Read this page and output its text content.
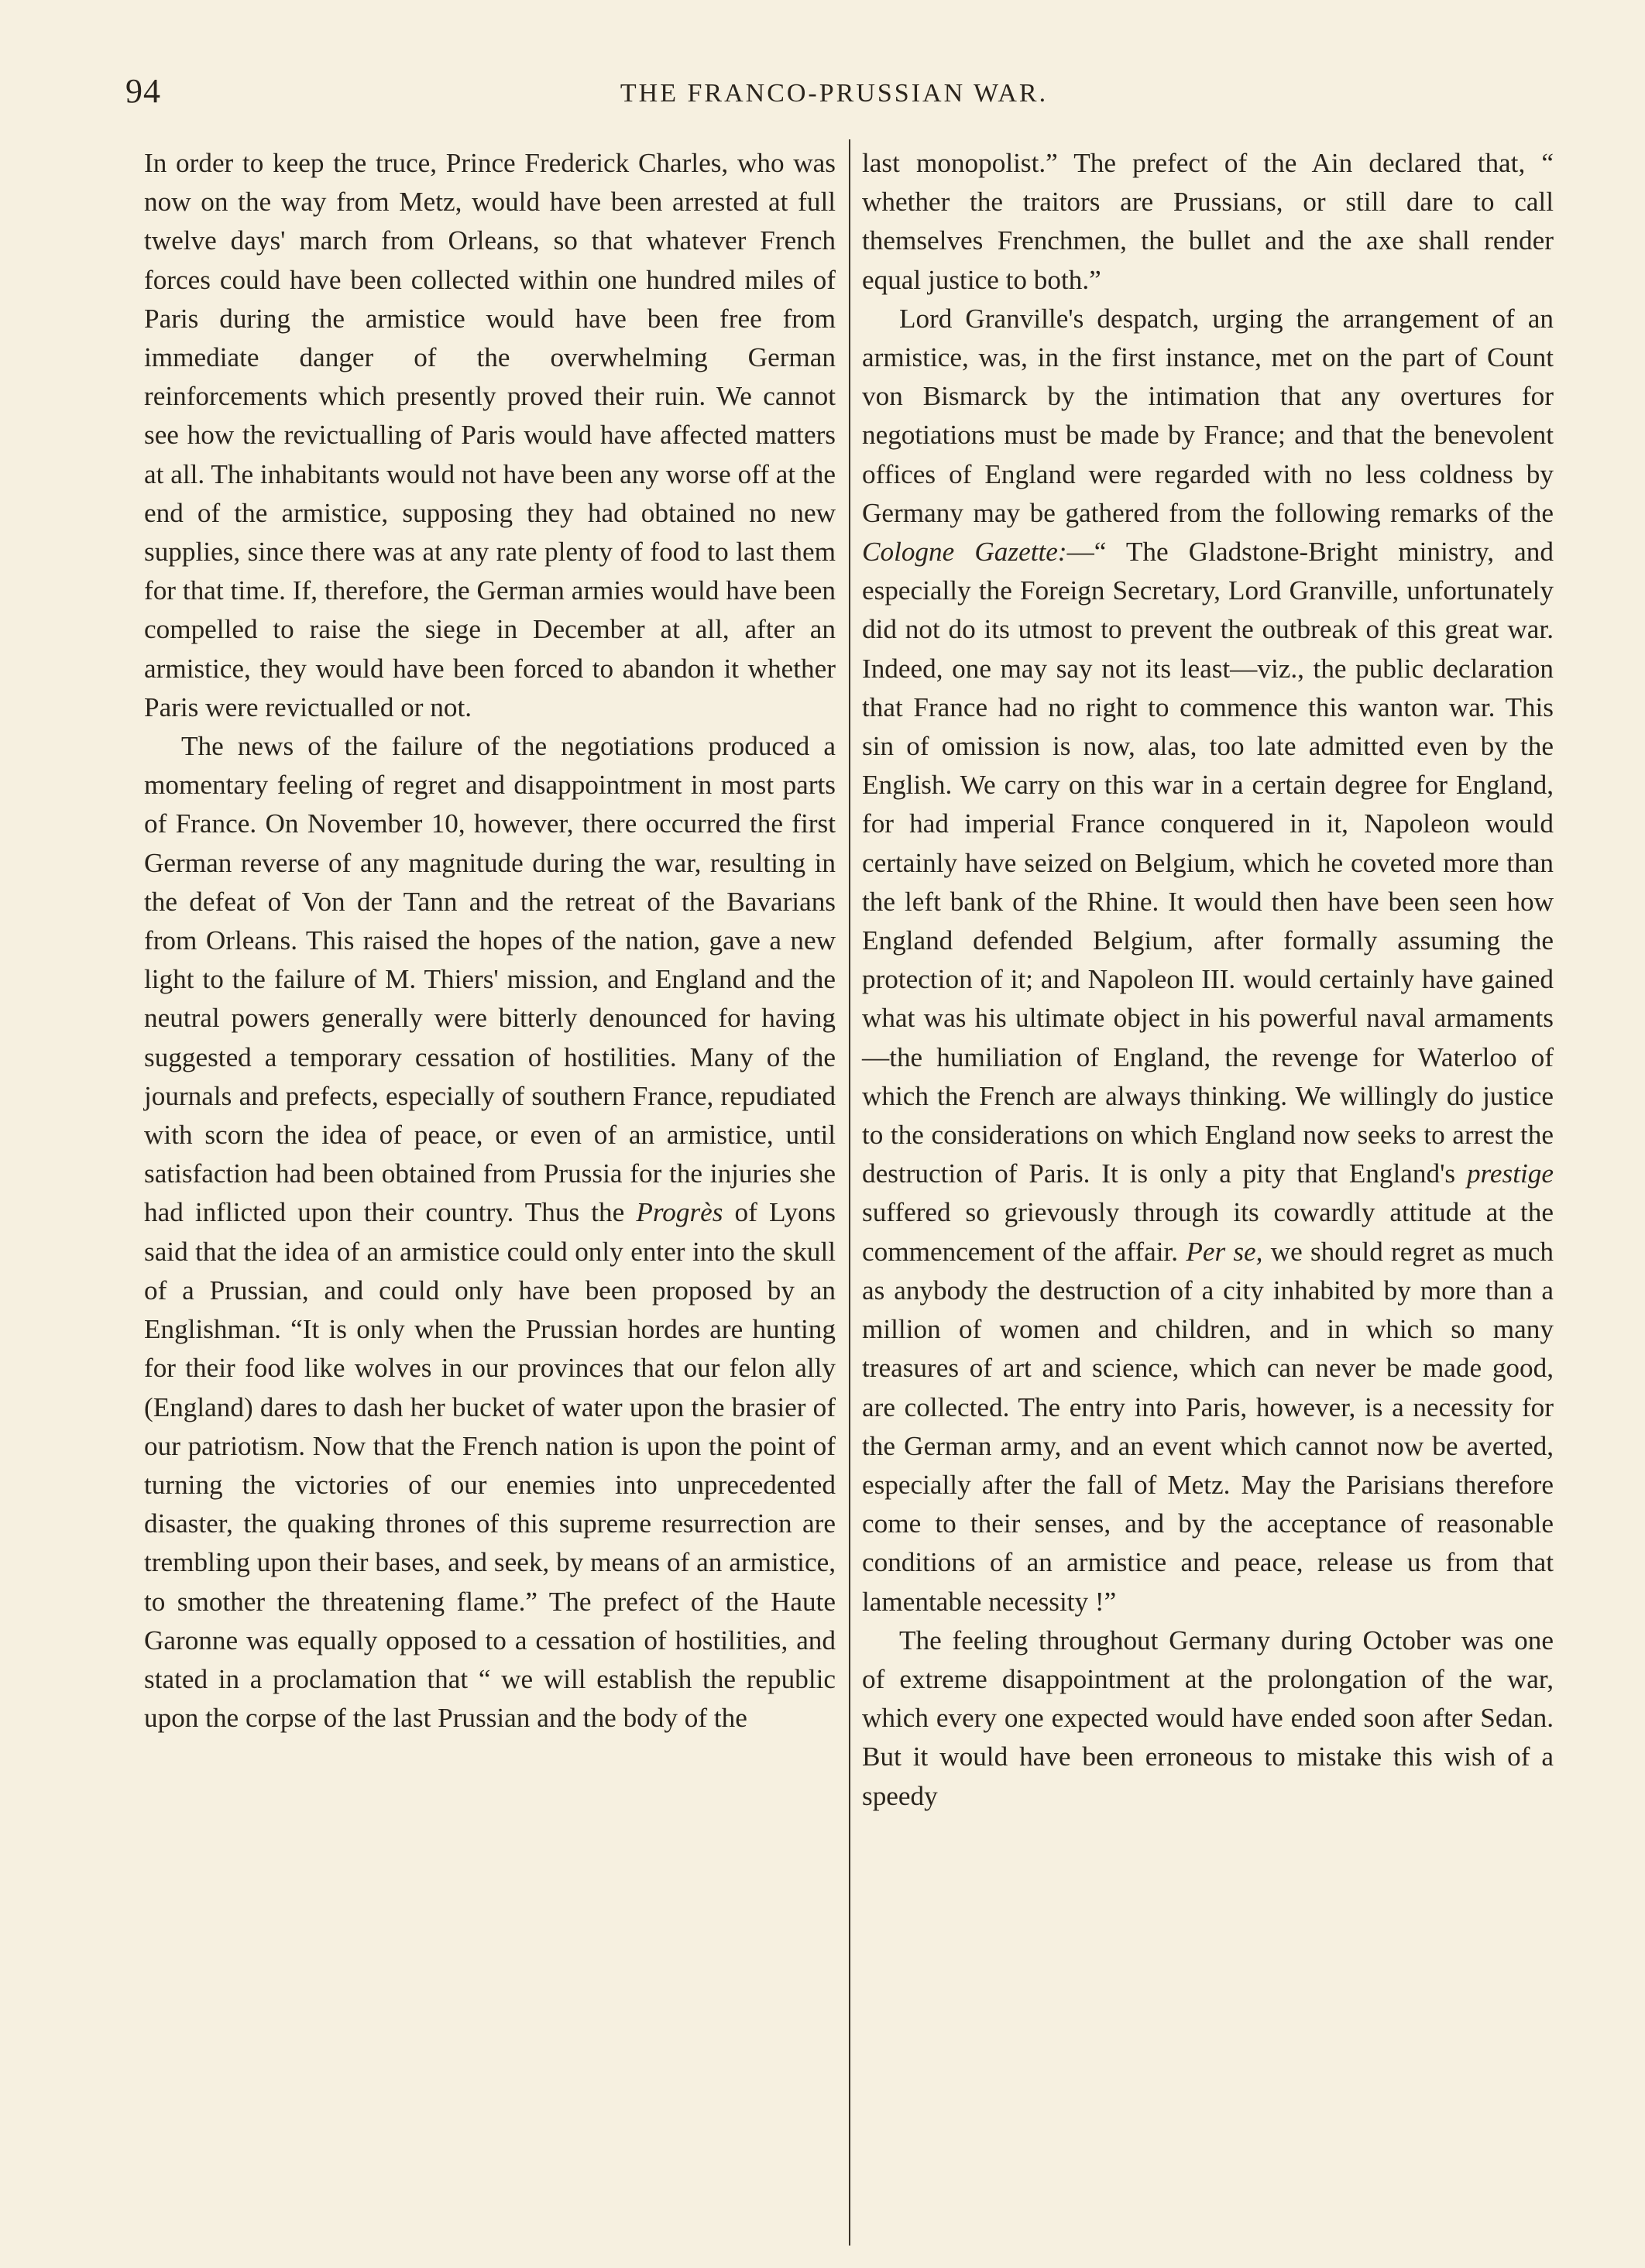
94	THE FRANCO-PRUSSIAN WAR.

In order to keep the truce, Prince Frederick Charles, who was now on the way from Metz, would have been arrested at full twelve days' march from Orleans, so that whatever French forces could have been collected within one hundred miles of Paris during the armistice would have been free from immediate danger of the overwhelming German reinforcements which presently proved their ruin. We cannot see how the revictualling of Paris would have affected matters at all. The inhabitants would not have been any worse off at the end of the armistice, supposing they had obtained no new supplies, since there was at any rate plenty of food to last them for that time. If, therefore, the German armies would have been compelled to raise the siege in December at all, after an armistice, they would have been forced to abandon it whether Paris were revictualled or not.

The news of the failure of the negotiations produced a momentary feeling of regret and disappointment in most parts of France. On November 10, however, there occurred the first German reverse of any magnitude during the war, resulting in the defeat of Von der Tann and the retreat of the Bavarians from Orleans. This raised the hopes of the nation, gave a new light to the failure of M. Thiers' mission, and England and the neutral powers generally were bitterly denounced for having suggested a temporary cessation of hostilities. Many of the journals and prefects, especially of southern France, repudiated with scorn the idea of peace, or even of an armistice, until satisfaction had been obtained from Prussia for the injuries she had inflicted upon their country. Thus the Progrès of Lyons said that the idea of an armistice could only enter into the skull of a Prussian, and could only have been proposed by an Englishman. “It is only when the Prussian hordes are hunting for their food like wolves in our provinces that our felon ally (England) dares to dash her bucket of water upon the brasier of our patriotism. Now that the French nation is upon the point of turning the victories of our enemies into unprecedented disaster, the quaking thrones of this supreme resurrection are trembling upon their bases, and seek, by means of an armistice, to smother the threatening flame.” The prefect of the Haute Garonne was equally opposed to a cessation of hostilities, and stated in a proclamation that “ we will establish the republic upon the corpse of the last Prussian and the body of the

last monopolist.” The prefect of the Ain declared that, “ whether the traitors are Prussians, or still dare to call themselves Frenchmen, the bullet and the axe shall render equal justice to both.”

Lord Granville's despatch, urging the arrangement of an armistice, was, in the first instance, met on the part of Count von Bismarck by the intimation that any overtures for negotiations must be made by France; and that the benevolent offices of England were regarded with no less coldness by Germany may be gathered from the following remarks of the Cologne Gazette:—“ The Gladstone-Bright ministry, and especially the Foreign Secretary, Lord Granville, unfortunately did not do its utmost to prevent the outbreak of this great war. Indeed, one may say not its least—viz., the public declaration that France had no right to commence this wanton war. This sin of omission is now, alas, too late admitted even by the English. We carry on this war in a certain degree for England, for had imperial France conquered in it, Napoleon would certainly have seized on Belgium, which he coveted more than the left bank of the Rhine. It would then have been seen how England defended Belgium, after formally assuming the protection of it; and Napoleon III. would certainly have gained what was his ultimate object in his powerful naval armaments—the humiliation of England, the revenge for Waterloo of which the French are always thinking. We willingly do justice to the considerations on which England now seeks to arrest the destruction of Paris. It is only a pity that England's prestige suffered so grievously through its cowardly attitude at the commencement of the affair. Per se, we should regret as much as anybody the destruction of a city inhabited by more than a million of women and children, and in which so many treasures of art and science, which can never be made good, are collected. The entry into Paris, however, is a necessity for the German army, and an event which cannot now be averted, especially after the fall of Metz. May the Parisians therefore come to their senses, and by the acceptance of reasonable conditions of an armistice and peace, release us from that lamentable necessity !”

The feeling throughout Germany during October was one of extreme disappointment at the prolongation of the war, which every one expected would have ended soon after Sedan. But it would have been erroneous to mistake this wish of a speedy
